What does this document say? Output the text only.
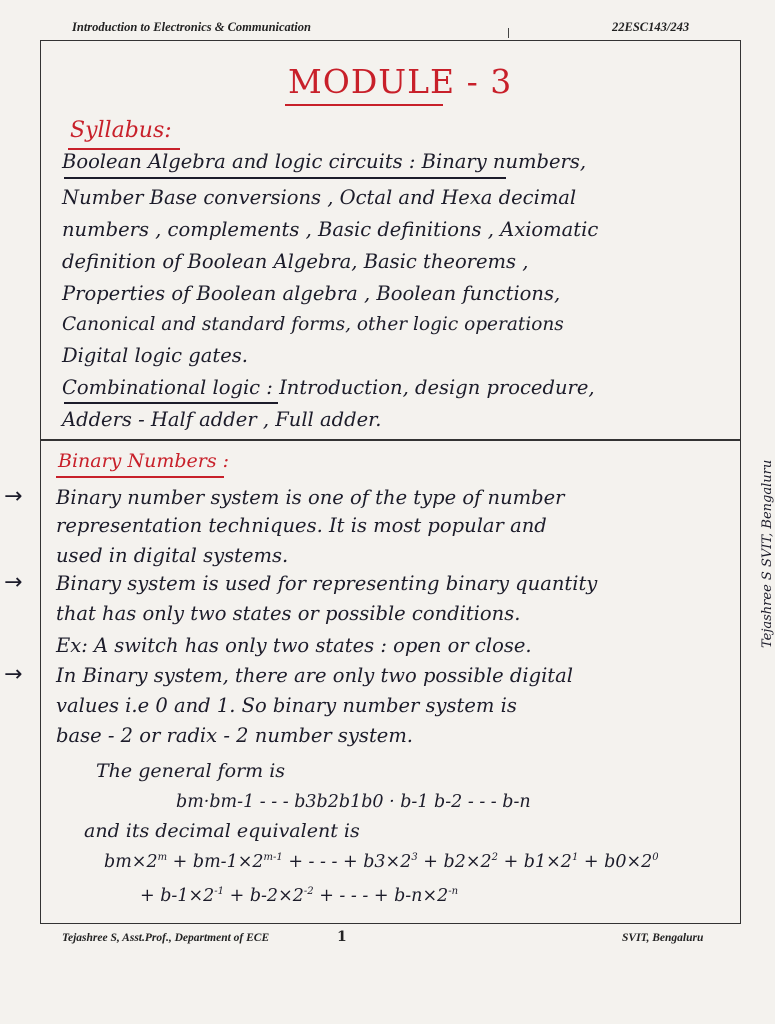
Introduction to Electronics & Communication	22ESC143/243
MODULE - 3
Syllabus:
Boolean Algebra and logic circuits : Binary numbers,
Number Base conversions , Octal and Hexa decimal
numbers , complements , Basic definitions , Axiomatic
definition of Boolean Algebra, Basic theorems ,
Properties of Boolean algebra , Boolean functions,
Canonical and standard forms, other logic operations
Digital logic gates.
Combinational logic : Introduction, design procedure,
Adders - Half adder , Full adder.
Binary Numbers :
→ Binary number system is one of the type of number
representation techniques. It is most popular and
used in digital systems.
→ Binary system is used for representing binary quantity
that has only two states or possible conditions.
Ex: A switch has only two states : open or close.
→ In Binary system, there are only two possible digital
values i.e 0 and 1. So binary number system is
base - 2 or radix - 2 number system.
The general form is
bm·bm-1 - - - b3b2b1b0 · b-1 b-2 - - - b-n
and its decimal equivalent is
$bm\times 2^m + bm-1\times 2^{m-1}$ + - - - + $b3\times 2^3 + b2\times 2^2 + b1\times 2^1 + b0\times 2^0$
+ $b-1\times 2^{-1} + b-2\times 2^{-2}$ + - - - + $b-n\times 2^{-n}$
Tejashree S SVIT, Bengaluru
Tejashree S, Asst.Prof., Department of ECE	1	SVIT, Bengaluru
